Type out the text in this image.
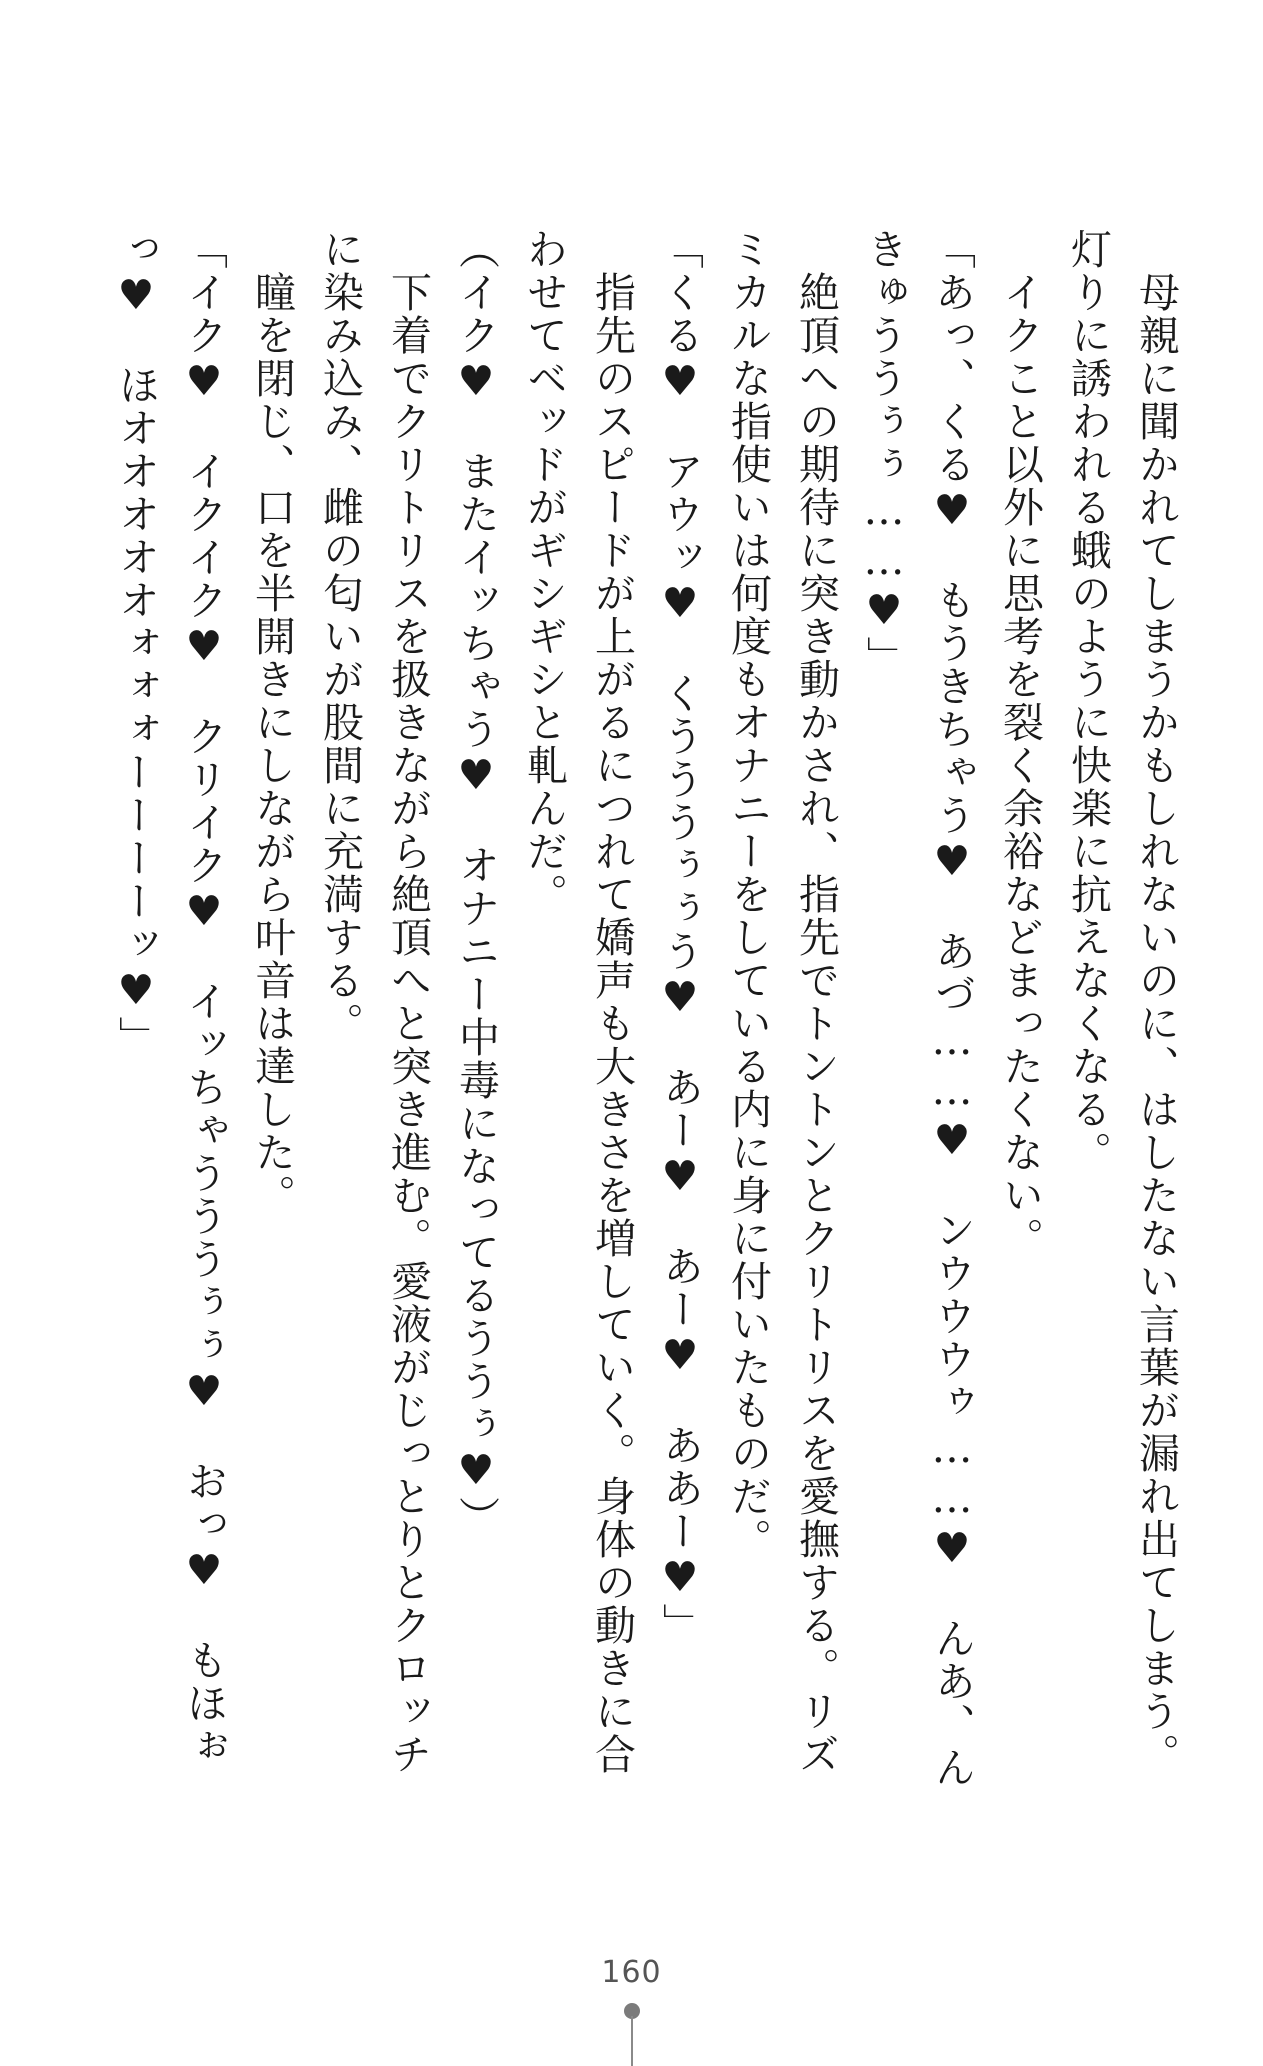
　母親に聞かれてしまうかもしれないのに、はしたない言葉が漏れ出てしまう。灯りに誘われる蛾のように快楽に抗えなくなる。

　イクこと以外に思考を裂く余裕などまったくない。

「あっ、くる♥　もうきちゃう♥　あづ……♥　ンウウウゥ……♥　んあ、んきゅううぅぅ……♥」

　絶頂への期待に突き動かされ、指先でトントンとクリトリスを愛撫する。リズミカルな指使いは何度もオナニーをしている内に身に付いたものだ。

「くる♥　アウッ♥　くうううぅぅう♥　あー♥　あー♥　ああー♥」

　指先のスピードが上がるにつれて嬌声も大きさを増していく。身体の動きに合わせてベッドがギシギシと軋んだ。

（イク♥　またイッちゃう♥　オナニー中毒になってるううぅ♥）

　下着でクリトリスを扱きながら絶頂へと突き進む。愛液がじっとりとクロッチに染み込み、雌の匂いが股間に充満する。

　瞳を閉じ、口を半開きにしながら叶音は達した。

「イク♥　イクイク♥　クリイク♥　イッちゃうううぅぅ♥　おっ♥　もほぉっ♥　ほオオオオオォォォーーーーッ♥」

160
